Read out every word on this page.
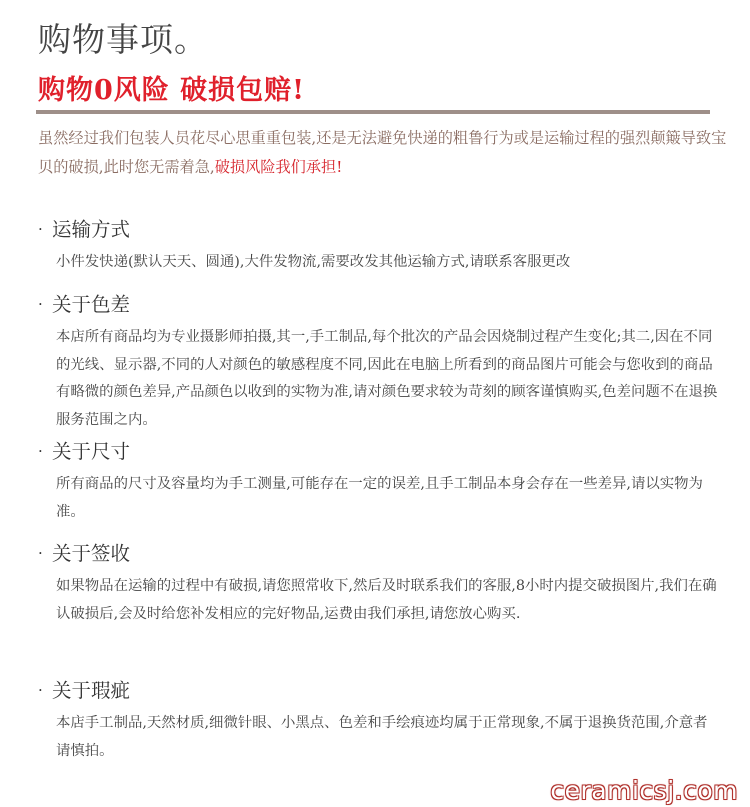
购物事项。
购物0风险 破损包赔!
虽然经过我们包装人员花尽心思重重包装,还是无法避免快递的粗鲁行为或是运输过程的强烈颠簸导致宝贝的破损,此时您无需着急,破损风险我们承担!
· 运输方式
小件发快递(默认天天、圆通),大件发物流,需要改发其他运输方式,请联系客服更改
· 关于色差
本店所有商品均为专业摄影师拍摄,其一,手工制品,每个批次的产品会因烧制过程产生变化;其二,因在不同的光线、显示器,不同的人对颜色的敏感程度不同,因此在电脑上所看到的商品图片可能会与您收到的商品有略微的颜色差异,产品颜色以收到的实物为准,请对颜色要求较为苛刻的顾客谨慎购买,色差问题不在退换服务范围之内。
· 关于尺寸
所有商品的尺寸及容量均为手工测量,可能存在一定的误差,且手工制品本身会存在一些差异,请以实物为准。
· 关于签收
如果物品在运输的过程中有破损,请您照常收下,然后及时联系我们的客服,8小时内提交破损图片,我们在确认破损后,会及时给您补发相应的完好物品,运费由我们承担,请您放心购买.
· 关于瑕疵
本店手工制品,天然材质,细微针眼、小黑点、色差和手绘痕迹均属于正常现象,不属于退换货范围,介意者请慎拍。
ceramicsj.com
